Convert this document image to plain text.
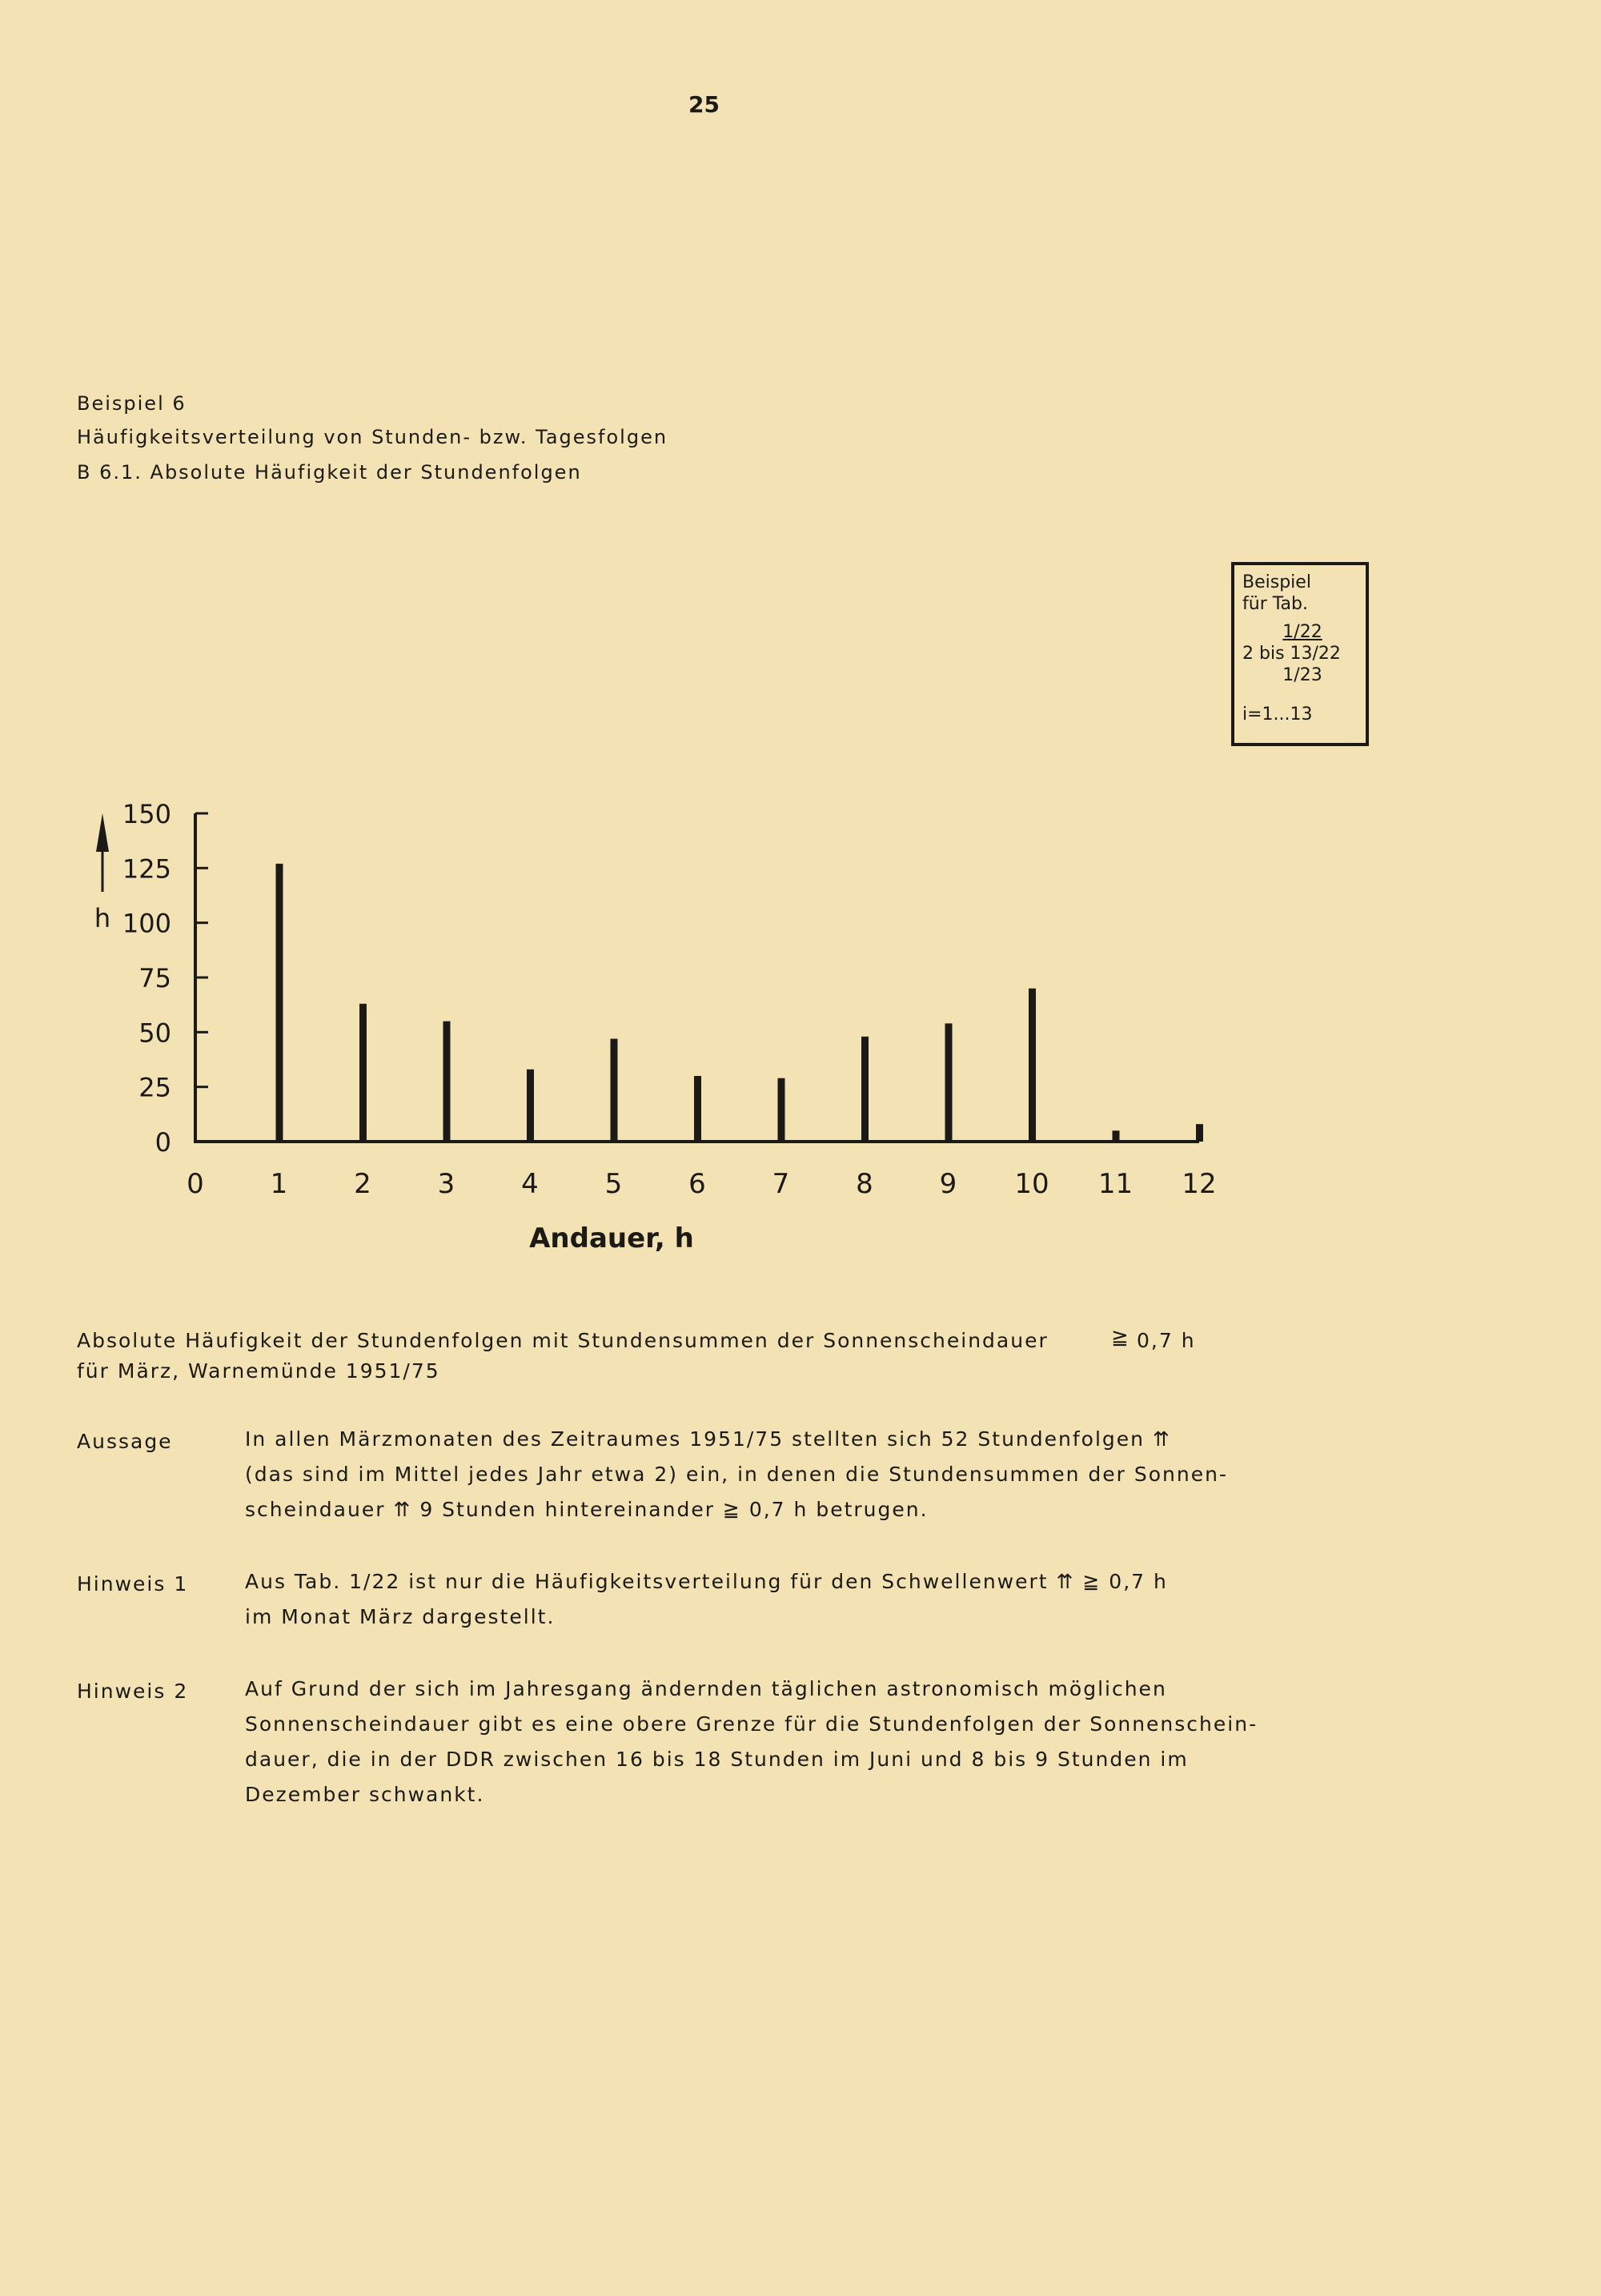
25
Beispiel 6
Häufigkeitsverteilung von Stunden- bzw. Tagesfolgen
B 6.1. Absolute Häufigkeit der Stundenfolgen
h
Andauer, h
0
25
50
75
100
125
150
0 1 2 3 4 5 6 7 8 9 10 11 12
Beispiel
für Tab.
1/22
2 bis 13/22
1/23
i=1...13
Absolute Häufigkeit der Stundenfolgen mit Stundensummen der Sonnenscheindauer	≧ 0,7 h
für März, Warnemünde 1951/75
Aussage	In allen Märzmonaten des Zeitraumes 1951/75 stellten sich 52 Stundenfolgen ⇈
(das sind im Mittel jedes Jahr etwa 2) ein, in denen die Stundensummen der Sonnen-
scheindauer ⇈ 9 Stunden hintereinander ≧ 0,7 h betrugen.
Hinweis 1	Aus Tab. 1/22 ist nur die Häufigkeitsverteilung für den Schwellenwert ⇈ ≧ 0,7 h
im Monat März dargestellt.
Hinweis 2	Auf Grund der sich im Jahresgang ändernden täglichen astronomisch möglichen
Sonnenscheindauer gibt es eine obere Grenze für die Stundenfolgen der Sonnenschein-
dauer, die in der DDR zwischen 16 bis 18 Stunden im Juni und 8 bis 9 Stunden im
Dezember schwankt.
